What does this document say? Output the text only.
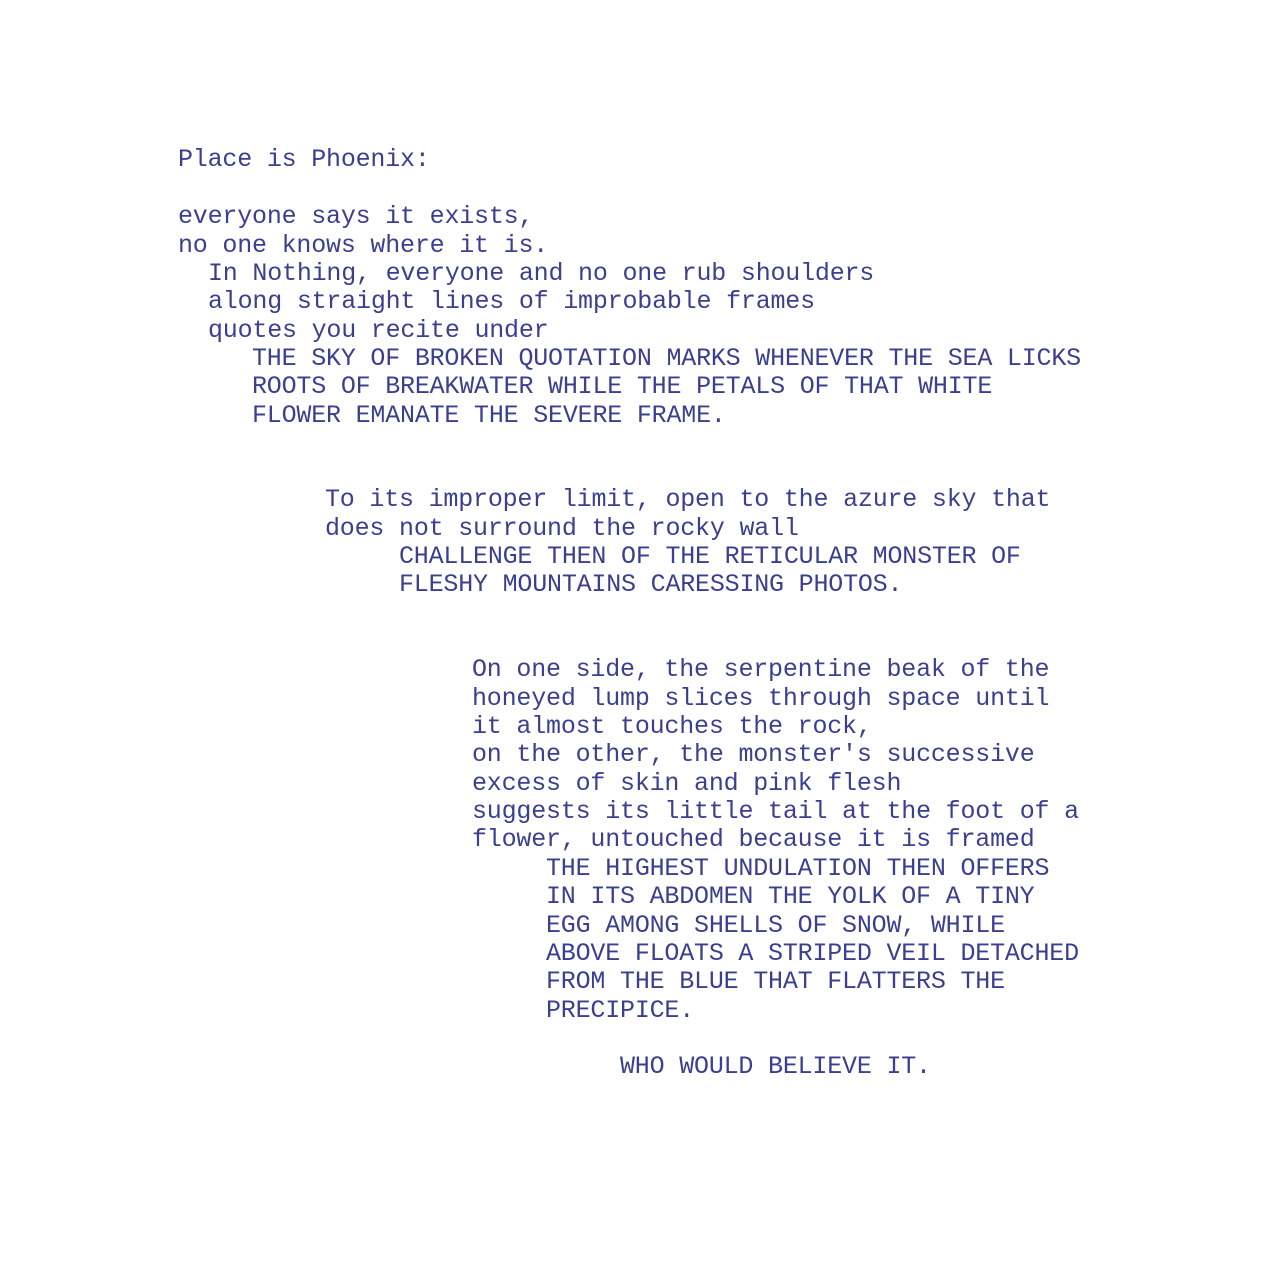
Place is Phoenix:

everyone says it exists,

no one knows where it is.

In Nothing, everyone and no one rub shoulders

along straight lines of improbable frames

quotes you recite under

THE SKY OF BROKEN QUOTATION MARKS WHENEVER THE SEA LICKS

ROOTS OF BREAKWATER WHILE THE PETALS OF THAT WHITE

FLOWER EMANATE THE SEVERE FRAME.

To its improper limit, open to the azure sky that

does not surround the rocky wall

CHALLENGE THEN OF THE RETICULAR MONSTER OF

FLESHY MOUNTAINS CARESSING PHOTOS.

On one side, the serpentine beak of the

honeyed lump slices through space until

it almost touches the rock,

on the other, the monster's successive

excess of skin and pink flesh

suggests its little tail at the foot of a

flower, untouched because it is framed

THE HIGHEST UNDULATION THEN OFFERS

IN ITS ABDOMEN THE YOLK OF A TINY

EGG AMONG SHELLS OF SNOW, WHILE

ABOVE FLOATS A STRIPED VEIL DETACHED

FROM THE BLUE THAT FLATTERS THE

PRECIPICE.

WHO WOULD BELIEVE IT.
